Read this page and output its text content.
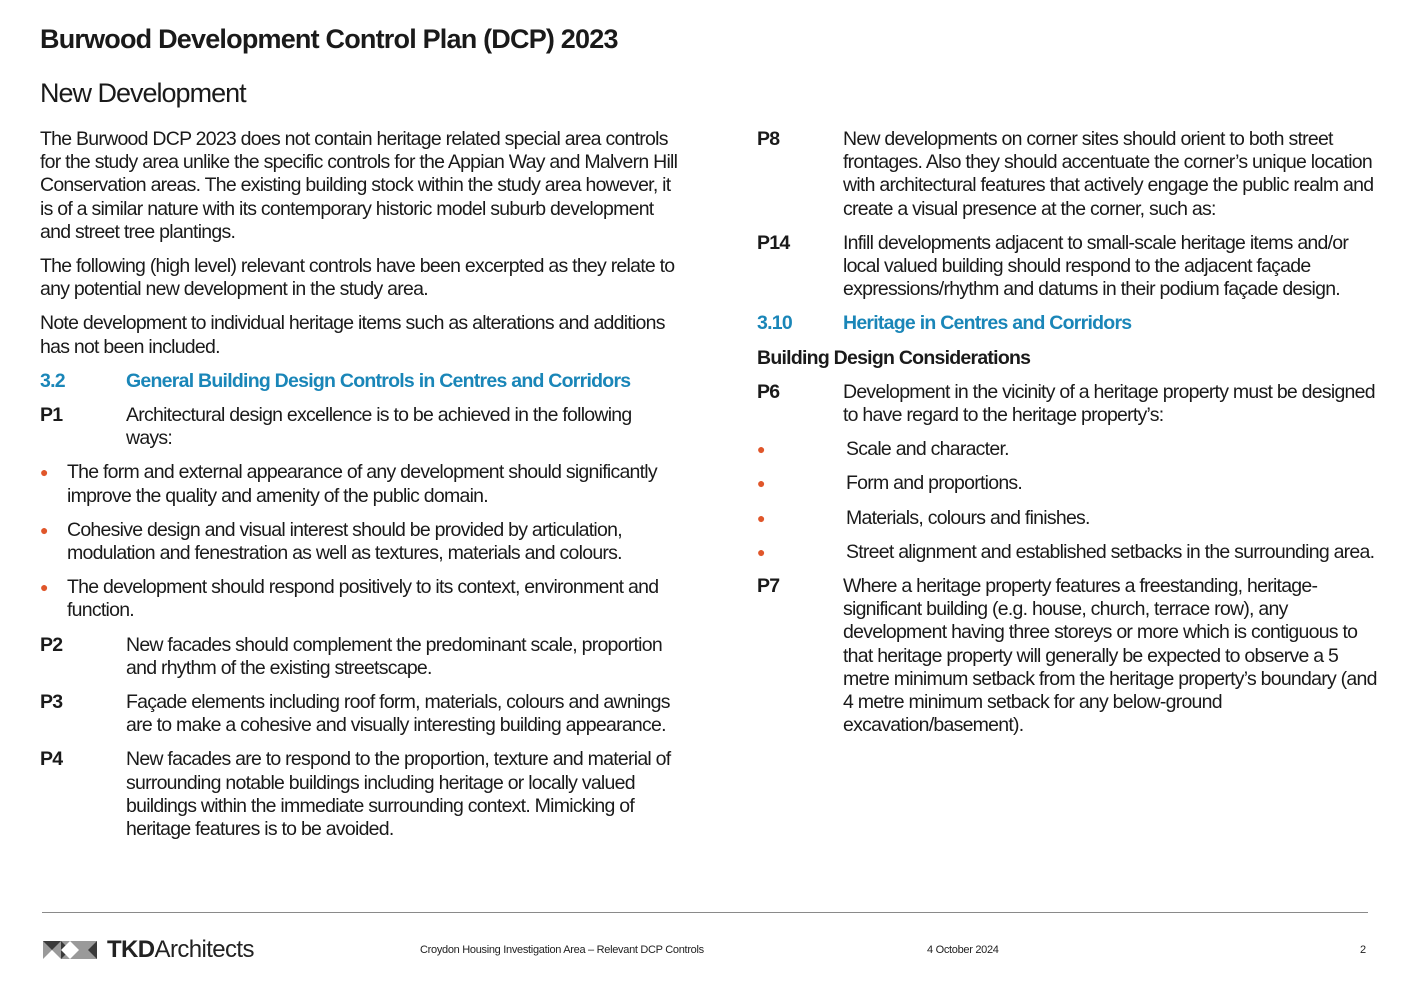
Burwood Development Control Plan (DCP) 2023
New Development

The Burwood DCP 2023 does not contain heritage related special area controls for the study area unlike the specific controls for the Appian Way and Malvern Hill Conservation areas. The existing building stock within the study area however, it is of a similar nature with its contemporary historic model suburb development and street tree plantings.

The following (high level) relevant controls have been excerpted as they relate to any potential new development in the study area.

Note development to individual heritage items such as alterations and additions has not been included.

3.2	General Building Design Controls in Centres and Corridors
P1	Architectural design excellence is to be achieved in the following ways:
● The form and external appearance of any development should significantly improve the quality and amenity of the public domain.
● Cohesive design and visual interest should be provided by articulation, modulation and fenestration as well as textures, materials and colours.
● The development should respond positively to its context, environment and function.
P2	New facades should complement the predominant scale, proportion and rhythm of the existing streetscape.
P3	Façade elements including roof form, materials, colours and awnings are to make a cohesive and visually interesting building appearance.
P4	New facades are to respond to the proportion, texture and material of surrounding notable buildings including heritage or locally valued buildings within the immediate surrounding context. Mimicking of heritage features is to be avoided.
P8	New developments on corner sites should orient to both street frontages. Also they should accentuate the corner’s unique location with architectural features that actively engage the public realm and create a visual presence at the corner, such as:
P14	Infill developments adjacent to small-scale heritage items and/or local valued building should respond to the adjacent façade expressions/rhythm and datums in their podium façade design.
3.10	Heritage in Centres and Corridors
Building Design Considerations
P6	Development in the vicinity of a heritage property must be designed to have regard to the heritage property’s:
●	Scale and character.
●	Form and proportions.
●	Materials, colours and finishes.
●	Street alignment and established setbacks in the surrounding area.
P7	Where a heritage property features a freestanding, heritage-significant building (e.g. house, church, terrace row), any development having three storeys or more which is contiguous to that heritage property will generally be expected to observe a 5 metre minimum setback from the heritage property’s boundary (and 4 metre minimum setback for any below-ground excavation/basement).
TKDArchitects	Croydon Housing Investigation Area – Relevant DCP Controls	4 October 2024	2
